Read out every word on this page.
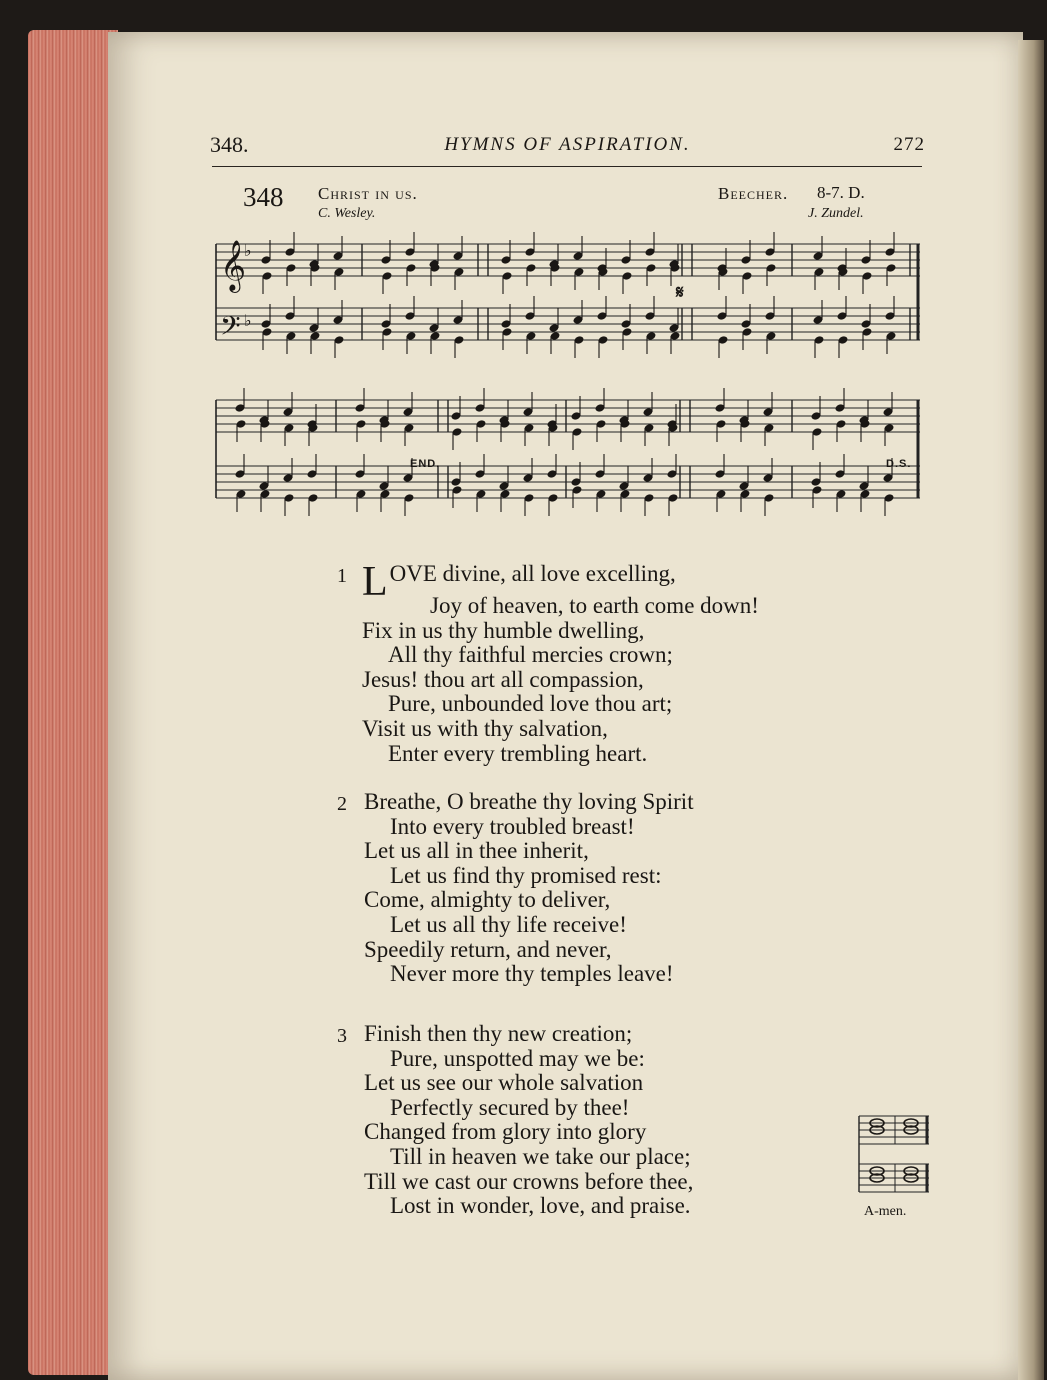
348.	HYMNS OF ASPIRATION.	272
348 Christ in us.	Beecher. 8-7. D.
C. Wesley.	J. Zundel.
𝄞
𝄢
♭
♭
END.	D.S.
𝄋
1 LOVE divine, all love excelling,
Joy of heaven, to earth come down!
Fix in us thy humble dwelling,
All thy faithful mercies crown;
Jesus! thou art all compassion,
Pure, unbounded love thou art;
Visit us with thy salvation,
Enter every trembling heart.
2 Breathe, O breathe thy loving Spirit
Into every troubled breast!
Let us all in thee inherit,
Let us find thy promised rest:
Come, almighty to deliver,
Let us all thy life receive!
Speedily return, and never,
Never more thy temples leave!
3 Finish then thy new creation;
Pure, unspotted may we be:
Let us see our whole salvation
Perfectly secured by thee!
Changed from glory into glory
Till in heaven we take our place;
Till we cast our crowns before thee,
Lost in wonder, love, and praise.	A-men.
